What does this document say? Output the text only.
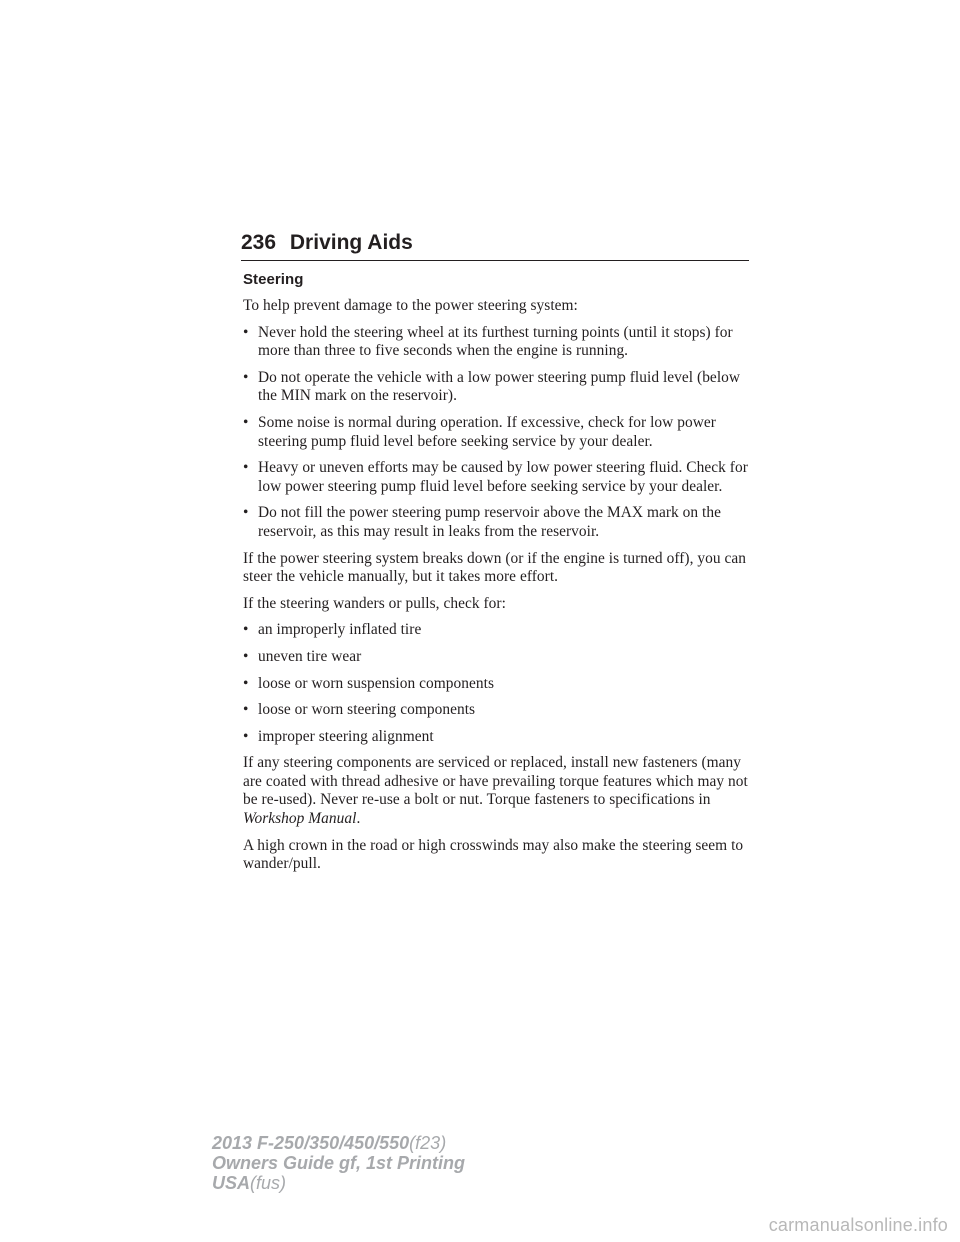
236 Driving Aids
Steering

To help prevent damage to the power steering system:

• Never hold the steering wheel at its furthest turning points (until it stops) for more than three to five seconds when the engine is running.
• Do not operate the vehicle with a low power steering pump fluid level (below the MIN mark on the reservoir).
• Some noise is normal during operation. If excessive, check for low power steering pump fluid level before seeking service by your dealer.
• Heavy or uneven efforts may be caused by low power steering fluid. Check for low power steering pump fluid level before seeking service by your dealer.
• Do not fill the power steering pump reservoir above the MAX mark on the reservoir, as this may result in leaks from the reservoir.

If the power steering system breaks down (or if the engine is turned off), you can steer the vehicle manually, but it takes more effort.

If the steering wanders or pulls, check for:

• an improperly inflated tire
• uneven tire wear
• loose or worn suspension components
• loose or worn steering components
• improper steering alignment

If any steering components are serviced or replaced, install new fasteners (many are coated with thread adhesive or have prevailing torque features which may not be re-used). Never re-use a bolt or nut. Torque fasteners to specifications in Workshop Manual.

A high crown in the road or high crosswinds may also make the steering seem to wander/pull.

2013 F-250/350/450/550(f23)
Owners Guide gf, 1st Printing
USA(fus)
carmanualsonline.info
